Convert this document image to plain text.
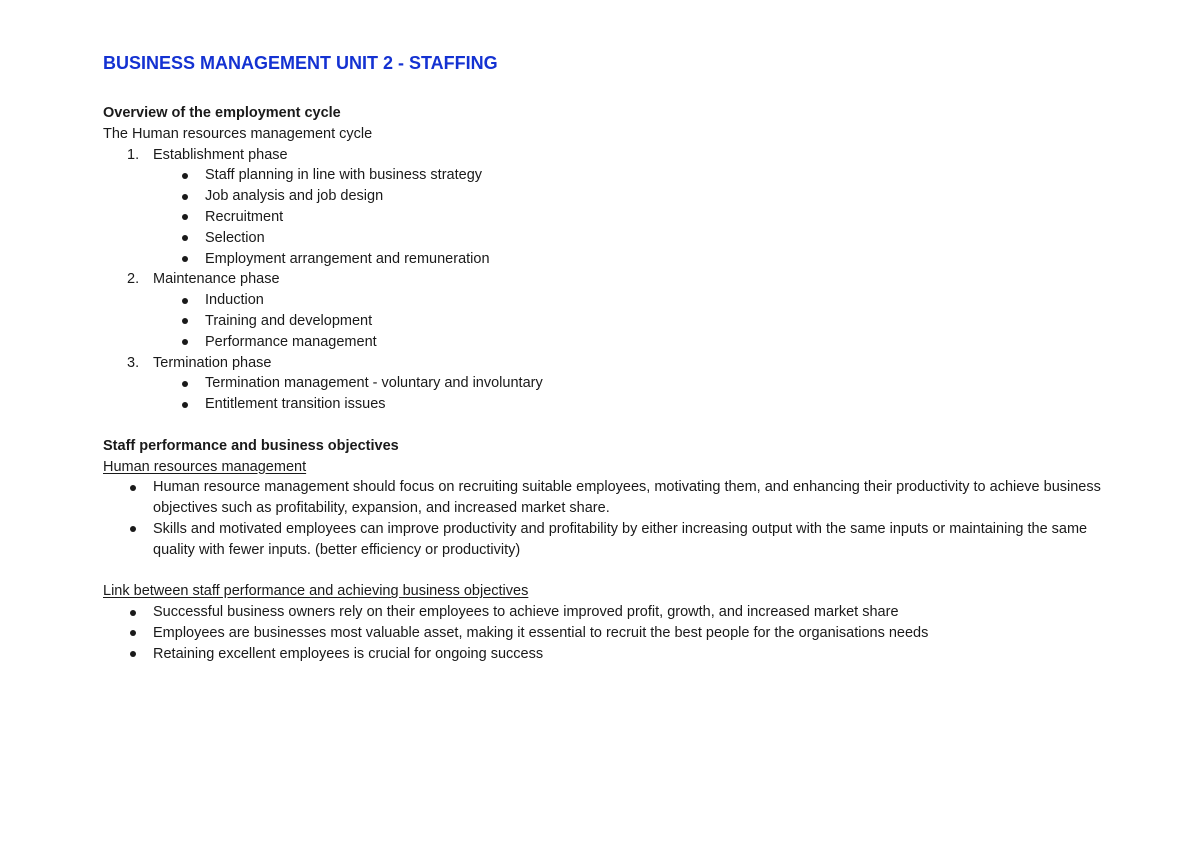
BUSINESS MANAGEMENT UNIT 2 - STAFFING

Overview of the employment cycle

The Human resources management cycle

1. Establishment phase
Staff planning in line with business strategy
Job analysis and job design
Recruitment
Selection
Employment arrangement and remuneration
2. Maintenance phase
Induction
Training and development
Performance management
3. Termination phase
Termination management - voluntary and involuntary
Entitlement transition issues

Staff performance and business objectives

Human resources management

Human resource management should focus on recruiting suitable employees, motivating them, and enhancing their productivity to achieve business objectives such as profitability, expansion, and increased market share.
Skills and motivated employees can improve productivity and profitability by either increasing output with the same inputs or maintaining the same quality with fewer inputs. (better efficiency or productivity)

Link between staff performance and achieving business objectives

Successful business owners rely on their employees to achieve improved profit, growth, and increased market share
Employees are businesses most valuable asset, making it essential to recruit the best people for the organisations needs
Retaining excellent employees is crucial for ongoing success
